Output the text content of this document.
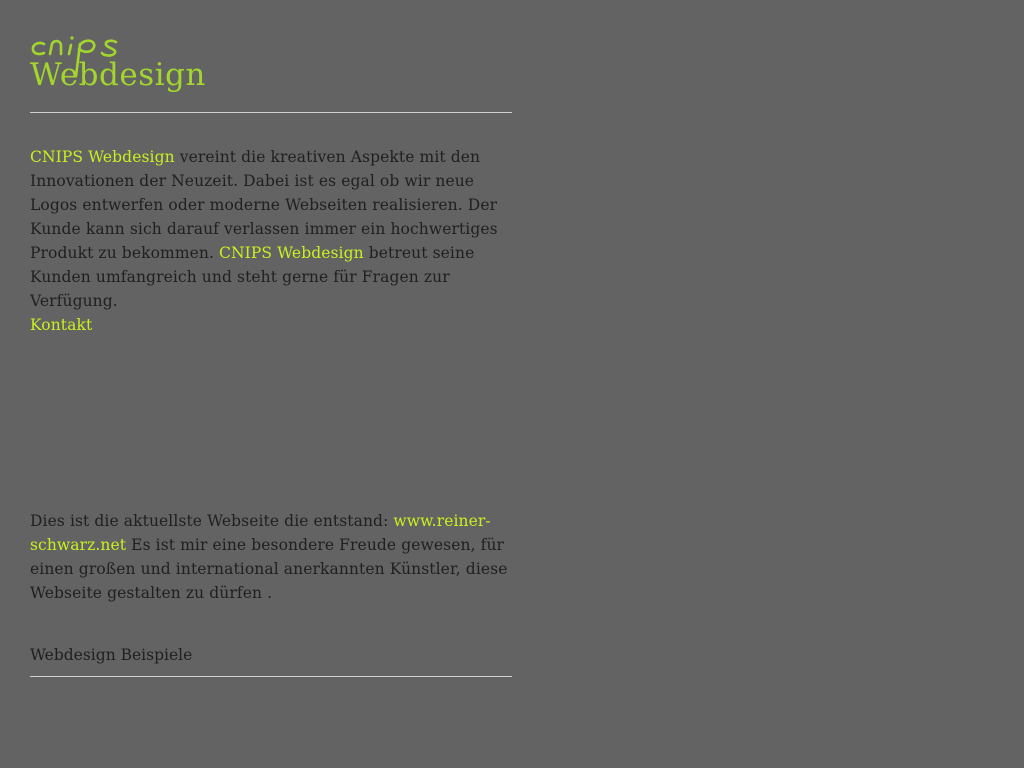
Webdesign
CNIPS Webdesign vereint die kreativen Aspekte mit den Innovationen der Neuzeit. Dabei ist es egal ob wir neue Logos entwerfen oder moderne Webseiten realisieren. Der Kunde kann sich darauf verlassen immer ein hochwertiges Produkt zu bekommen. CNIPS Webdesign betreut seine Kunden umfangreich und steht gerne für Fragen zur Verfügung.
Kontakt
Dies ist die aktuellste Webseite die entstand: www.reiner-schwarz.net Es ist mir eine besondere Freude gewesen, für einen großen und international anerkannten Künstler, diese Webseite gestalten zu dürfen .
Webdesign Beispiele
